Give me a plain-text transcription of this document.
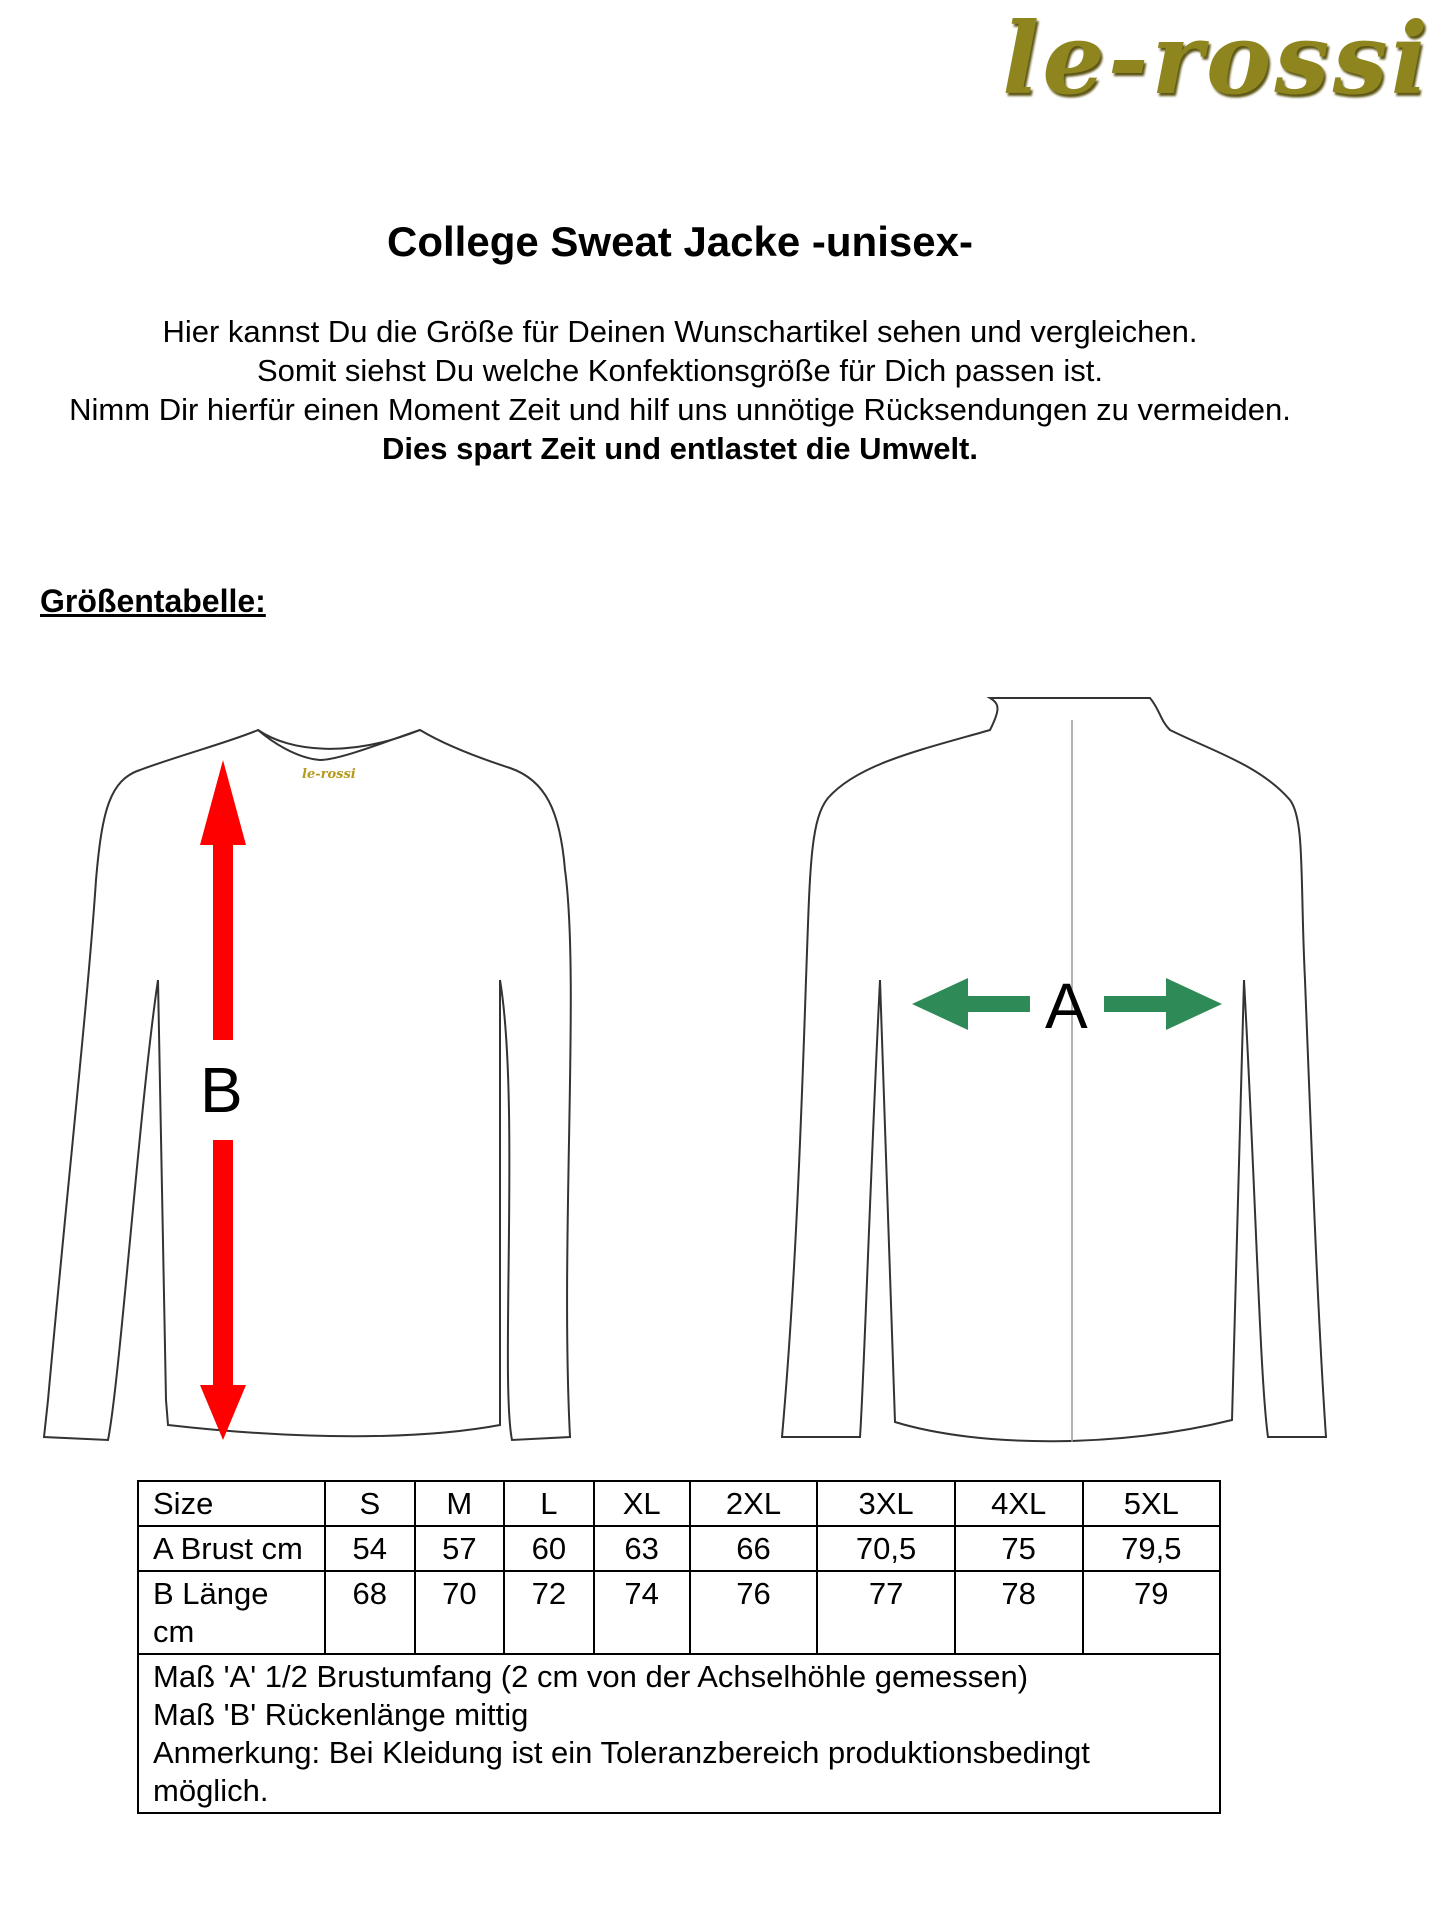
le-rossi
College Sweat Jacke -unisex-

Hier kannst Du die Größe für Deinen Wunschartikel sehen und vergleichen.

Somit siehst Du welche Konfektionsgröße für Dich passen ist.

Nimm Dir hierfür einen Moment Zeit und hilf uns unnötige Rücksendungen zu vermeiden.

Dies spart Zeit und entlastet die Umwelt.

Größentabelle:
le-rossi
B
A
Size	S	M	L	XL	2XL	3XL	4XL	5XL
A Brust cm	54	57	60	63	66	70,5	75	79,5
B Länge cm	68	70	72	74	76	77	78	79

Maß 'A' 1/2 Brustumfang (2 cm von der Achselhöhle gemessen)
Maß 'B' Rückenlänge mittig
Anmerkung: Bei Kleidung ist ein Toleranzbereich produktionsbedingt möglich.								
